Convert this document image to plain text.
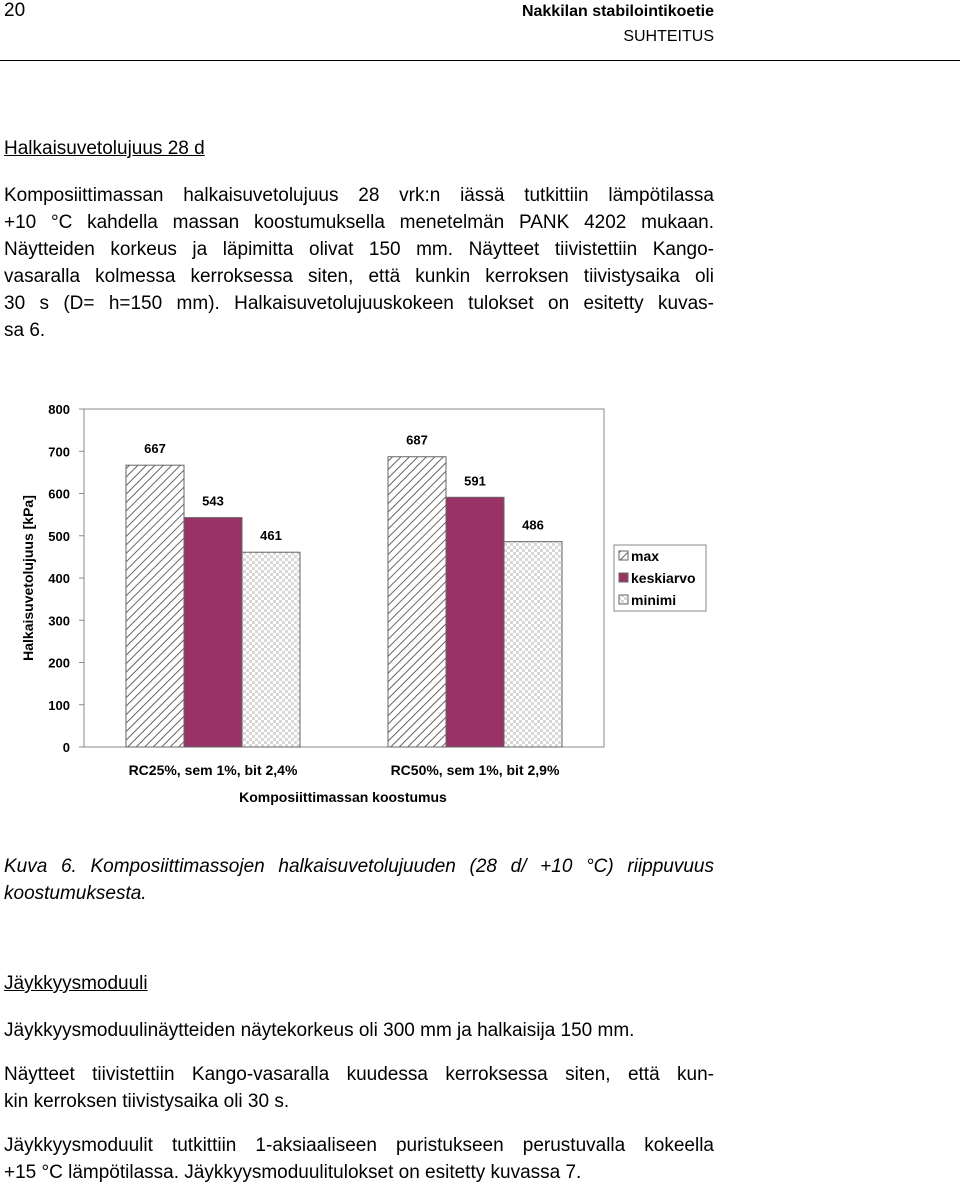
20	Nakkilan stabilointikoetie
SUHTEITUS
Halkaisuvetolujuus 28 d
Komposiittimassan halkaisuvetolujuus 28 vrk:n iässä tutkittiin lämpötilassa
+10 °C kahdella massan koostumuksella menetelmän PANK 4202 mukaan.
Näytteiden korkeus ja läpimitta olivat 150 mm. Näytteet tiivistettiin Kango-
vasaralla kolmessa kerroksessa siten, että kunkin kerroksen tiivistysaika oli
30 s (D= h=150 mm). Halkaisuvetolujuuskokeen tulokset on esitetty kuvas-
sa 6.
0
100
200
300
400
500
600
700
800
667
543
461
687
591
486
RC25%, sem 1%, bit 2,4%	RC50%, sem 1%, bit 2,9%
Halkaisuvetolujuus [kPa]
Komposiittimassan koostumus
max
keskiarvo
minimi
Kuva 6. Komposiittimassojen halkaisuvetolujuuden (28 d/ +10 °C) riippuvuus
koostumuksesta.
Jäykkyysmoduuli
Jäykkyysmoduulinäytteiden näytekorkeus oli 300 mm ja halkaisija 150 mm.
Näytteet tiivistettiin Kango-vasaralla kuudessa kerroksessa siten, että kun-
kin kerroksen tiivistysaika oli 30 s.
Jäykkyysmoduulit tutkittiin 1-aksiaaliseen puristukseen perustuvalla kokeella
+15 °C lämpötilassa. Jäykkyysmoduulitulokset on esitetty kuvassa 7.
